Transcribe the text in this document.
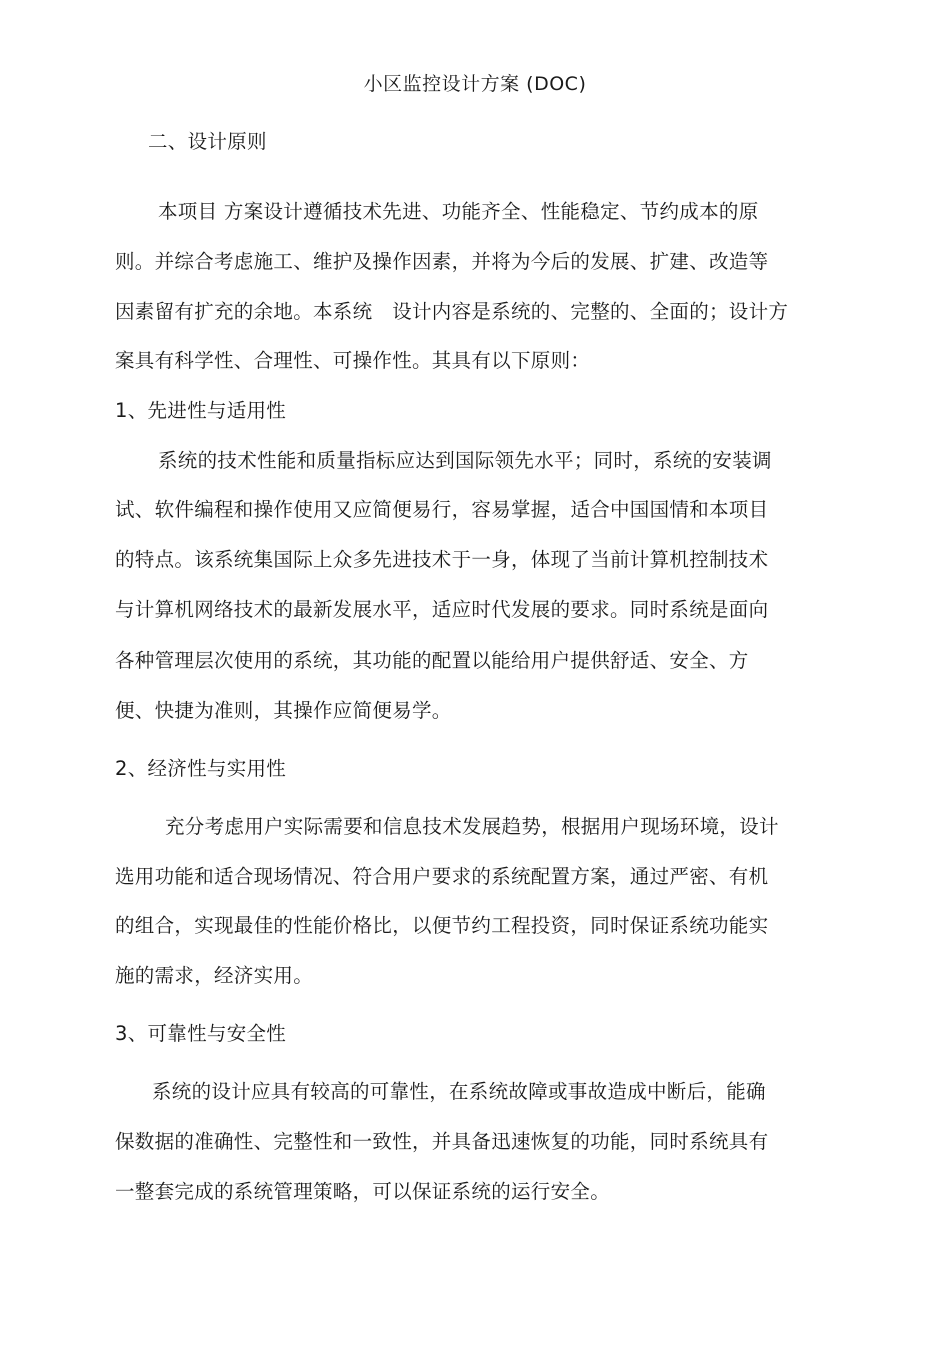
小区监控设计方案 (DOC)
二、设计原则
本项目 方案设计遵循技术先进、功能齐全、性能稳定、节约成本的原
则。并综合考虑施工、维护及操作因素，并将为今后的发展、扩建、改造等
因素留有扩充的余地。本系统　设计内容是系统的、完整的、全面的；设计方
案具有科学性、合理性、可操作性。其具有以下原则：
1、先进性与适用性
系统的技术性能和质量指标应达到国际领先水平；同时，系统的安装调
试、软件编程和操作使用又应简便易行，容易掌握，适合中国国情和本项目
的特点。该系统集国际上众多先进技术于一身，体现了当前计算机控制技术
与计算机网络技术的最新发展水平，适应时代发展的要求。同时系统是面向
各种管理层次使用的系统，其功能的配置以能给用户提供舒适、安全、方
便、快捷为准则，其操作应简便易学。
2、经济性与实用性
充分考虑用户实际需要和信息技术发展趋势，根据用户现场环境，设计
选用功能和适合现场情况、符合用户要求的系统配置方案，通过严密、有机
的组合，实现最佳的性能价格比，以便节约工程投资，同时保证系统功能实
施的需求，经济实用。
3、可靠性与安全性
系统的设计应具有较高的可靠性，在系统故障或事故造成中断后，能确
保数据的准确性、完整性和一致性，并具备迅速恢复的功能，同时系统具有
一整套完成的系统管理策略，可以保证系统的运行安全。
